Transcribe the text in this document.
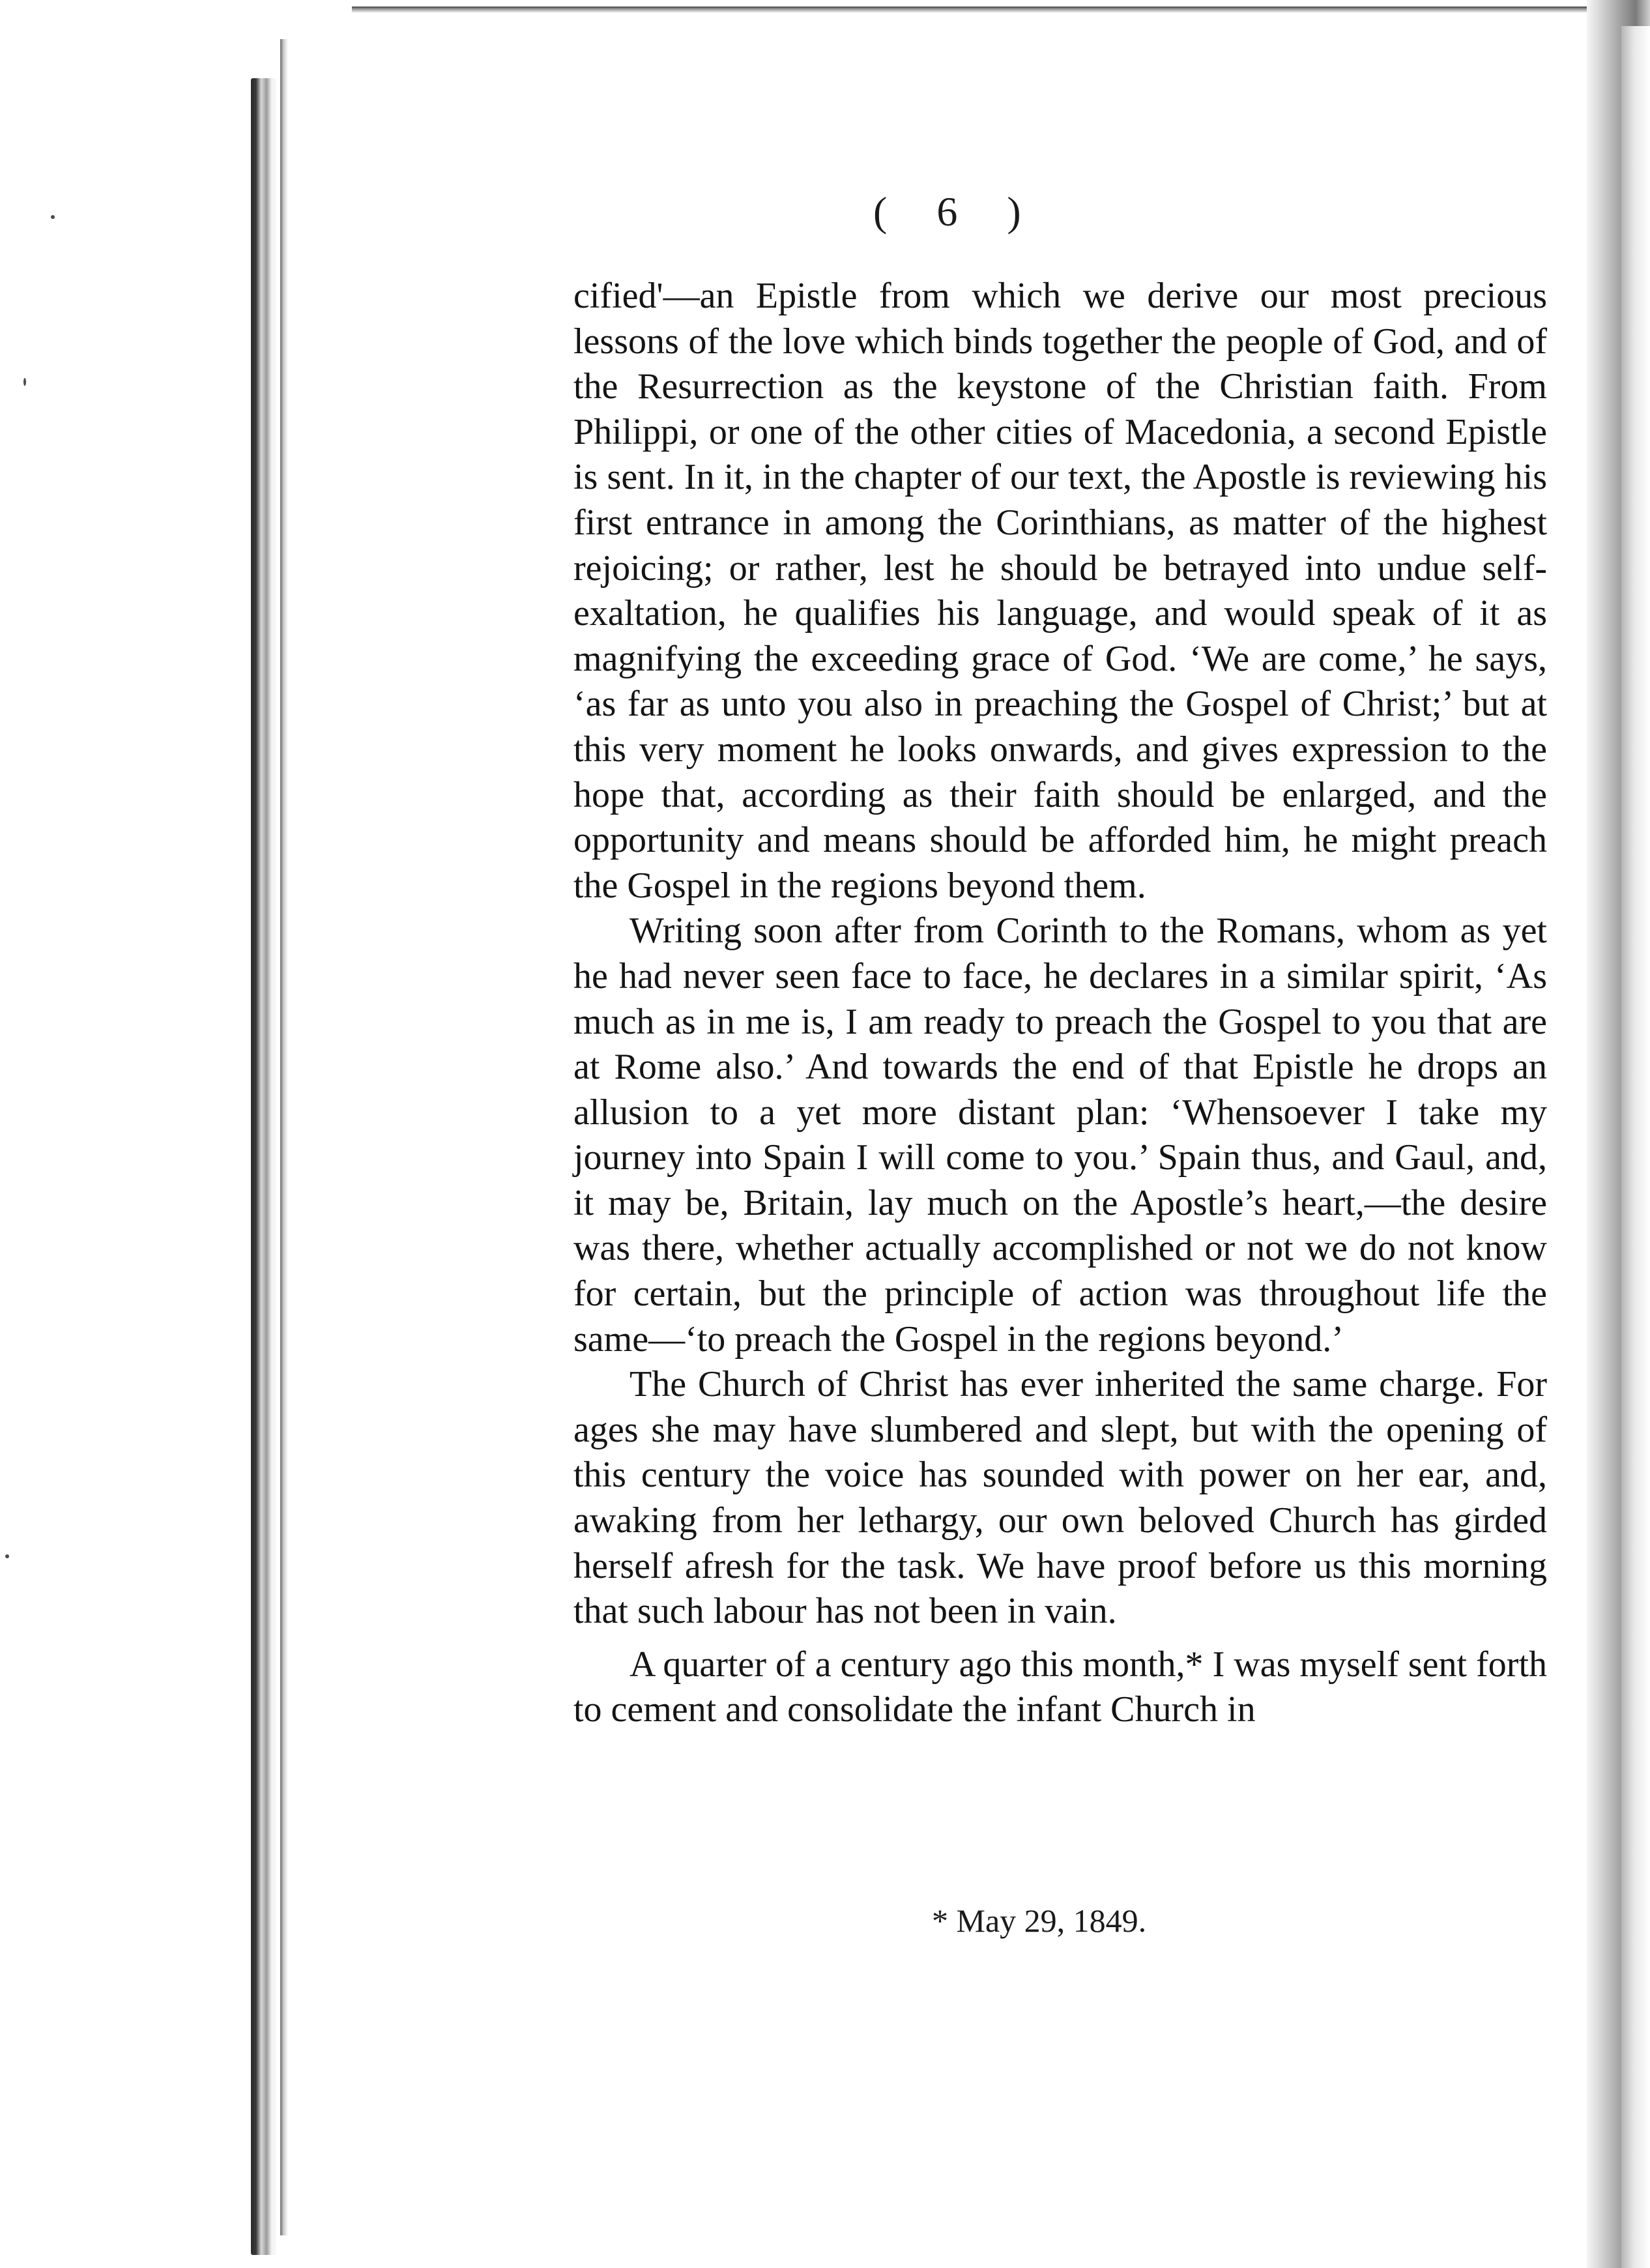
( 6 )

cified'—an Epistle from which we derive our most precious lessons of the love which binds together the people of God, and of the Resurrection as the keystone of the Christian faith. From Philippi, or one of the other cities of Macedonia, a second Epistle is sent. In it, in the chapter of our text, the Apostle is reviewing his first entrance in among the Corinthians, as matter of the highest rejoicing; or rather, lest he should be betrayed into undue self-exaltation, he qualifies his language, and would speak of it as magnifying the exceeding grace of God. ‘We are come,’ he says, ‘as far as unto you also in preaching the Gospel of Christ;’ but at this very moment he looks onwards, and gives expression to the hope that, according as their faith should be enlarged, and the opportunity and means should be afforded him, he might preach the Gospel in the regions beyond them.

Writing soon after from Corinth to the Romans, whom as yet he had never seen face to face, he declares in a similar spirit, ‘As much as in me is, I am ready to preach the Gospel to you that are at Rome also.’ And towards the end of that Epistle he drops an allusion to a yet more distant plan: ‘Whensoever I take my journey into Spain I will come to you.’ Spain thus, and Gaul, and, it may be, Britain, lay much on the Apostle’s heart,—the desire was there, whether actually accomplished or not we do not know for certain, but the principle of action was throughout life the same—‘to preach the Gospel in the regions beyond.’

The Church of Christ has ever inherited the same charge. For ages she may have slumbered and slept, but with the opening of this century the voice has sounded with power on her ear, and, awaking from her lethargy, our own beloved Church has girded herself afresh for the task. We have proof before us this morning that such labour has not been in vain.

A quarter of a century ago this month,* I was myself sent forth to cement and consolidate the infant Church in

* May 29, 1849.
